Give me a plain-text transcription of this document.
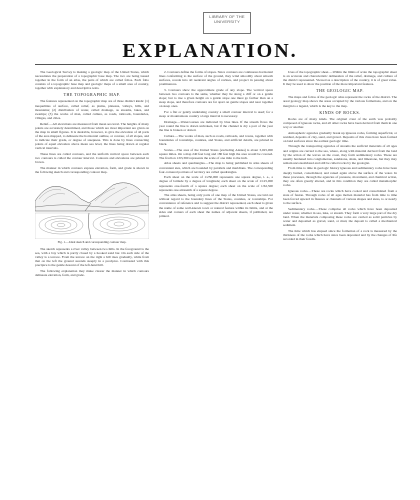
LIBRARY OF THE UNIVERSITY
EXPLANATION.

The Geological Survey is making a geologic map of the United States, which necessitates the preparation of a topographic base map. The two are being issued together in the form of an atlas, the parts of which are called folios. Each folio consists of a topographic base map and geologic maps of a small area of country, together with explanatory and descriptive texts.

THE TOPOGRAPHIC MAP.

The features represented on the topographic map are of three distinct kinds: (1) inequalities of surface, called relief, as plains, plateaus, valleys, hills, and mountains; (2) distribution of water, called drainage, as streams, lakes, and swamps; (3) the works of man, called culture, as roads, railroads, boundaries, villages, and cities.

Relief.—All elevations are measured from mean sea level. The heights of many points are accurately determined, and those which are most important are given on the map in small figures. It is desirable, however, to give the elevation of all parts of the area mapped, to delineate the horizontal outline, or contour, of all slopes, and to indicate their grade, or degree of steepness. This is done by lines connecting points of equal elevation above mean sea level, the lines being drawn at regular vertical intervals.

These lines are called contours, and the uniform vertical space between each two contours is called the contour interval. Contours and elevations are printed in brown.

The manner in which contours express elevation, form, and grade is shown in the following sketch and corresponding contour map.

Fig. 1.—Ideal sketch and corresponding contour map.

The sketch represents a river valley between two hills. In the foreground is the sea, with a bay which is partly closed by a hooked sand bar. On each side of the valley is a terrace. From the terrace on the right a hill rises gradually, while from that on the left the ground ascends steeply in a precipice. Contrasted with this precipice is the gentle descent of the left-hand hill.

The following explanation may make clearer the manner in which contours delineate elevation, form, and grade.

2. Contours define the forms of slopes. Since contours are continuous horizontal lines conforming to the surface of the ground, they wind smoothly about smooth surfaces, recede into all reentrant angles of ravines, and project in passing about prominences.

3. Contours show the approximate grade of any slope. The vertical space between two contours is the same, whether they lie along a cliff or on a gentle slope; but to rise a given height on a gentle slope one must go farther than on a steep slope, and therefore contours are far apart on gentle slopes and near together on steep ones.

For a flat or gently undulating country a small contour interval is used; for a steep or mountainous country a large interval is necessary.

Drainage.—Watercourses are indicated by blue lines. If the stream flows the year round the line is drawn unbroken, but if the channel is dry a part of the year the line is broken or dotted.

Culture.—The works of man, such as roads, railroads, and towns, together with boundaries of townships, counties, and States, and artificial details, are printed in black.

Scales.—The area of the United States (excluding Alaska) is about 3,025,000 square miles. On a map 240 feet long and 180 feet high the area would be covered. The fraction 1/63,360 represents the scale of one mile to the inch.

Atlas sheets and quadrangles.—The map is being published in atlas sheets of convenient size, which are bounded by parallels and meridians. The corresponding four-cornered portions of territory are called quadrangles.

Each sheet on the scale of 1/250,000 represents one square degree, i. e., a degree of latitude by a degree of longitude; each sheet on the scale of 1/125,000 represents one-fourth of a square degree; each sheet on the scale of 1/62,500 represents one-sixteenth of a square degree.

The atlas sheets, being only parts of one map of the United States, are laid out without regard to the boundary lines of the States, counties, or townships. For convenience of reference and to suggest the district represented, each sheet is given the name of some well-known town or natural feature within its limits, and at the sides and corners of each sheet the names of adjacent sheets, if published, are printed.

Uses of the topographic sheet.—Within the limits of scale the topographic sheet is an accurate and characteristic delineation of the relief, drainage, and culture of the district represented. Viewed as a description of the country, it is of great value. It may be used to show the position of the more important features.

THE GEOLOGIC MAP.

The maps and folios of the geologic atlas represent the rocks of the district. The areal geology map shows the areas occupied by the various formations, and on the margin is a legend, which is the key to the map.

KINDS OF ROCKS.

Rocks are of many kinds. The original crust of the earth was probably composed of igneous rocks, and all other rocks have been derived from them in one way or another.

Atmospheric agencies gradually break up igneous rocks, forming superficial, or residual, deposits of clay, sand, and gravel. Deposits of this class have been formed on land surfaces since the earliest geologic time.

Through the transporting agencies of streams the surficial materials of all ages and origins are carried to the sea, where, along with material derived from the land by the action of the waves on the coast, they form sedimentary rocks. These are usually hardened into conglomerate, sandstone, shale, and limestone, but they may remain unconsolidated and still be called rocks by the geologist.

From time to time in geologic history igneous and sedimentary rocks have been deeply buried, consolidated, and raised again above the surface of the water. In these processes, through the agencies of pressure, movement, and chemical action, they are often greatly altered, and in this condition they are called metamorphic rocks.

Igneous rocks.—These are rocks which have cooled and consolidated from a state of fusion. Through rocks of all ages molten material has from time to time been forced upward in fissures or channels of various shapes and sizes, to or nearly to the surface.

Sedimentary rocks.—These comprise all rocks which have been deposited under water, whether in sea, lake, or stream. They form a very large part of the dry land. When the materials composing these rocks are carried as solid particles by water and deposited as gravel, sand, or mud, the deposit is called a mechanical sediment.

The time which has elapsed since the formation of a rock is measured by the thickness of the rocks which have since been deposited and by the changes of life recorded in their fossils.
